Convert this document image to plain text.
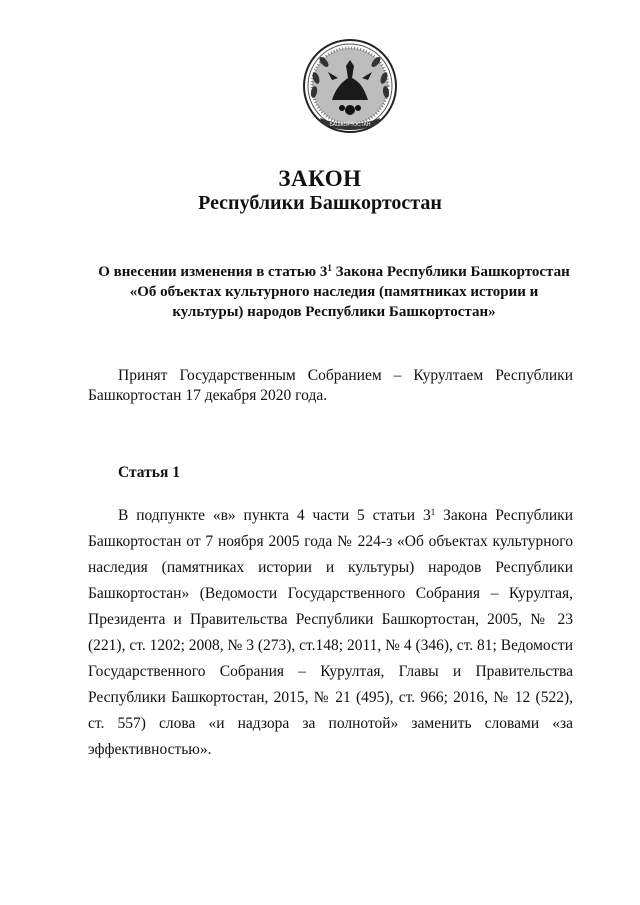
БАШКОРТОСТАН
ЗАКОН
Республики Башкортостан
О внесении изменения в статью $3^1$ Закона Республики Башкортостан
«Об объектах культурного наследия (памятниках истории и
культуры) народов Республики Башкортостан»

Принят Государственным Собранием – Курултаем Республики Башкортостан 17 декабря 2020 года.

Статья 1

В подпункте «в» пункта 4 части 5 статьи $3^1$ Закона Республики Башкортостан от 7 ноября 2005 года № 224-з «Об объектах культурного наследия (памятниках истории и культуры) народов Республики Башкортостан» (Ведомости Государственного Собрания – Курултая, Президента и Правительства Республики Башкортостан, 2005, № 23 (221), ст. 1202; 2008, № 3 (273), ст.148; 2011, № 4 (346), ст. 81; Ведомости Государственного Собрания – Курултая, Главы и Правительства Республики Башкортостан, 2015, № 21 (495), ст. 966; 2016, № 12 (522), ст. 557) слова «и надзора за полнотой» заменить словами «за эффективностью».
